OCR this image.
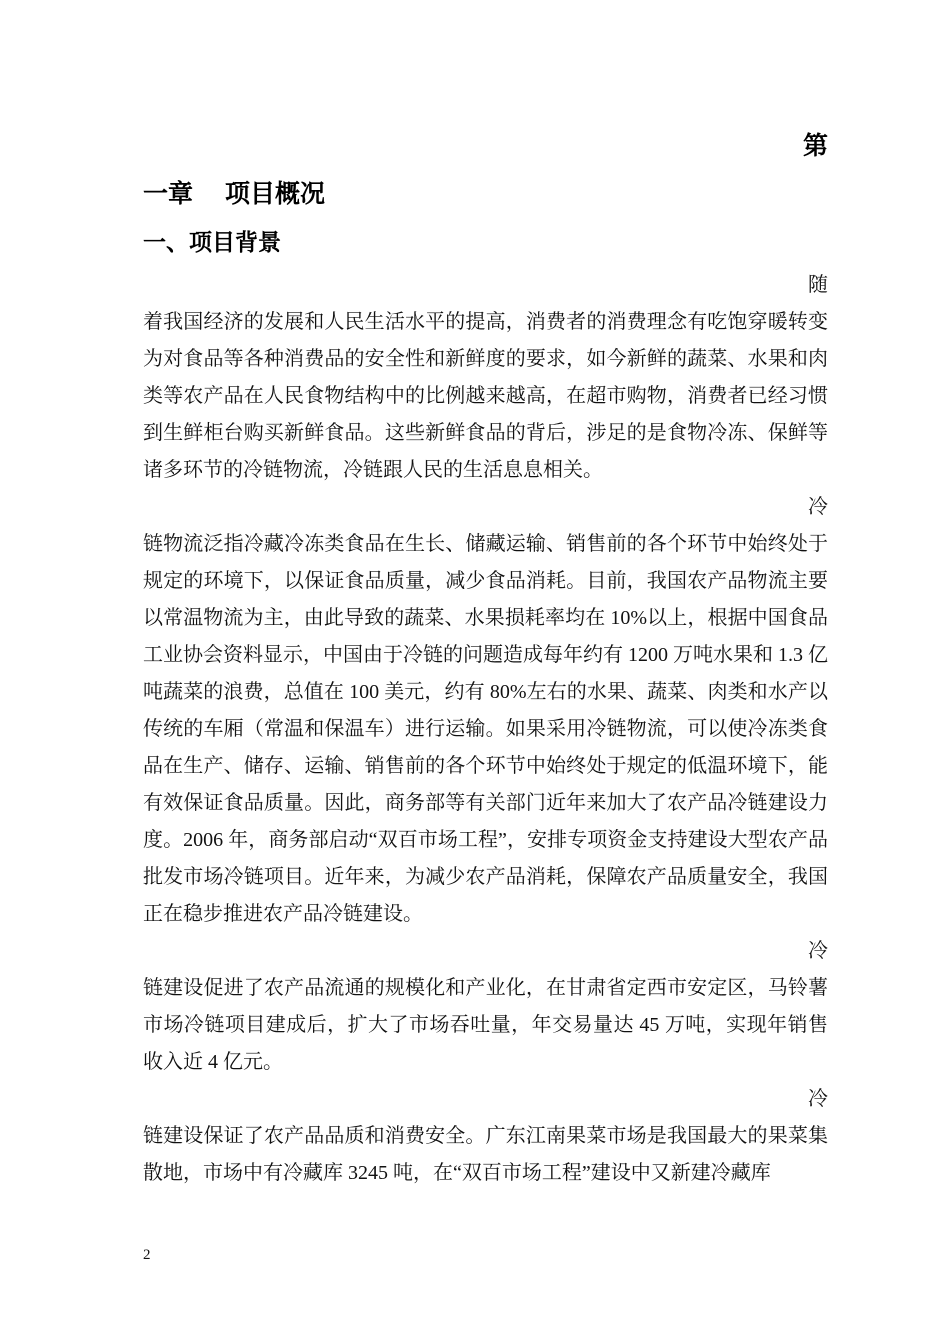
第
一章 项目概况
一、项目背景
随
着我国经济的发展和人民生活水平的提高，消费者的消费理念有吃饱穿暖转变为对食品等各种消费品的安全性和新鲜度的要求，如今新鲜的蔬菜、水果和肉类等农产品在人民食物结构中的比例越来越高，在超市购物，消费者已经习惯到生鲜柜台购买新鲜食品。这些新鲜食品的背后，涉足的是食物冷冻、保鲜等诸多环节的冷链物流，冷链跟人民的生活息息相关。
冷
链物流泛指冷藏冷冻类食品在生长、储藏运输、销售前的各个环节中始终处于规定的环境下，以保证食品质量，减少食品消耗。目前，我国农产品物流主要以常温物流为主，由此导致的蔬菜、水果损耗率均在 10%以上，根据中国食品工业协会资料显示，中国由于冷链的问题造成每年约有 1200 万吨水果和 1.3 亿吨蔬菜的浪费，总值在 100 美元，约有 80%左右的水果、蔬菜、肉类和水产以传统的车厢（常温和保温车）进行运输。如果采用冷链物流，可以使冷冻类食品在生产、储存、运输、销售前的各个环节中始终处于规定的低温环境下，能有效保证食品质量。因此，商务部等有关部门近年来加大了农产品冷链建设力度。2006 年，商务部启动“双百市场工程”，安排专项资金支持建设大型农产品批发市场冷链项目。近年来，为减少农产品消耗，保障农产品质量安全，我国正在稳步推进农产品冷链建设。
冷
链建设促进了农产品流通的规模化和产业化，在甘肃省定西市安定区，马铃薯市场冷链项目建成后，扩大了市场吞吐量，年交易量达 45 万吨，实现年销售收入近 4 亿元。
冷
链建设保证了农产品品质和消费安全。广东江南果菜市场是我国最大的果菜集散地，市场中有冷藏库 3245 吨，在“双百市场工程”建设中又新建冷藏库
2
